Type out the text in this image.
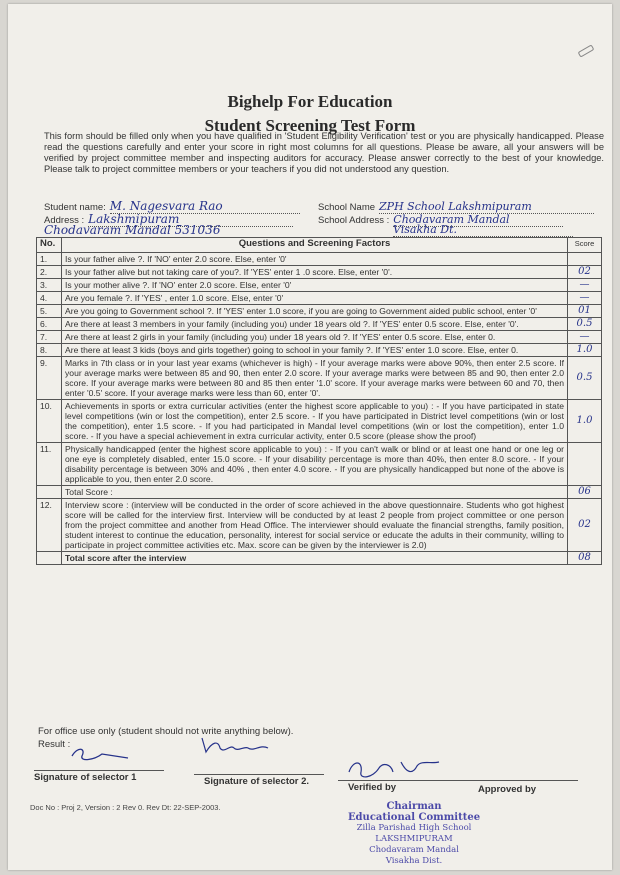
Bighelp For Education
Student Screening Test Form
This form should be filled only when you have qualified in 'Student Eligibility Verification' test or you are physically handicapped. Please read the questions carefully and enter your score in right most columns for all questions. Please be aware, all your answers will be verified by project committee member and inspecting auditors for accuracy. Please answer correctly to the best of your knowledge. Please talk to project committee members or your teachers if you did not understood any question.
Student name: M. Nagesvara Rao	School Name ZPH School Lakshmipuram
Address : Lakshmipuram
Chodavaram Mandal 531036
School Address : Chodavaram Mandal
Visakha Dt.
No.	Questions and Screening Factors	Score
1.	Is your father alive ?. If 'NO' enter 2.0 score. Else, enter '0'	
2.	Is your father alive but not taking care of you?. If 'YES' enter 1 .0 score. Else, enter '0'.	02
3.	Is your mother alive ?. If 'NO' enter 2.0 score. Else, enter '0'	—
4.	Are you female ?. If 'YES' , enter 1.0 score. Else, enter '0'	—
5.	Are you going to Government school ?. If 'YES' enter 1.0 score, if you are going to Government aided public school, enter '0'	01
6.	Are there at least 3 members in your family (including you) under 18 years old ?. If 'YES' enter 0.5 score. Else, enter '0'.	0.5
7.	Are there at least 2 girls in your family (including you) under 18 years old ?. If 'YES' enter 0.5 score. Else, enter 0.	—
8.	Are there at least 3 kids (boys and girls together) going to school in your family ?. If 'YES' enter 1.0 score. Else, enter 0.	1.0
9.	Marks in 7th class or in your last year exams (whichever is high) - If your average marks were above 90%, then enter 2.5 score. If your average marks were between 85 and 90, then enter 2.0 score. If your average marks were between 85 and 90, then enter 2.0 score. If your average marks were between 80 and 85 then enter '1.0' score. If your average marks were between 60 and 70, then enter '0.5' score. If your average marks were less than 60, enter '0'.	0.5
10.	Achievements in sports or extra curricular activities (enter the highest score applicable to you) : - If you have participated in state level competitions (win or lost the competition), enter 2.5 score. - If you have participated in District level competitions (win or lost the competition), enter 1.5 score. - If you had participated in Mandal level competitions (win or lost the competition), enter 1.0 score. - If you have a special achievement in extra curricular activity, enter 0.5 score (please show the proof)	1.0
11.	Physically handicapped (enter the highest score applicable to you) : - If you can't walk or blind or at least one hand or one leg or one eye is completely disabled, enter 15.0 score. - If your disability percentage is more than 40%, then enter 8.0 score. - If your disability percentage is between 30% and 40% , then enter 4.0 score. - If you are physically handicapped but none of the above is applicable to you, then enter 2.0 score.	
	Total Score :	06
12.	Interview score : (interview will be conducted in the order of score achieved in the above questionnaire. Students who got highest score will be called for the interview first. Interview will be conducted by at least 2 people from project committee or one person from the project committee and another from Head Office. The interviewer should evaluate the financial strengths, family position, student interest to continue the education, personality, interest for social service or educate the adults in their community, willing to participate in project committee activities etc. Max. score can be given by the interviewer is 2.0)	02
	Total score after the interview	08
For office use only (student should not write anything below).
Result :
Signature of selector 1	Signature of selector 2.
Verified by	Approved by
Chairman
Educational Committee
Zilla Parishad High School
LAKSHMIPURAM
Chodavaram Mandal
Visakha Dist.
Doc No : Proj 2, Version : 2 Rev 0. Rev Dt: 22-SEP-2003.
